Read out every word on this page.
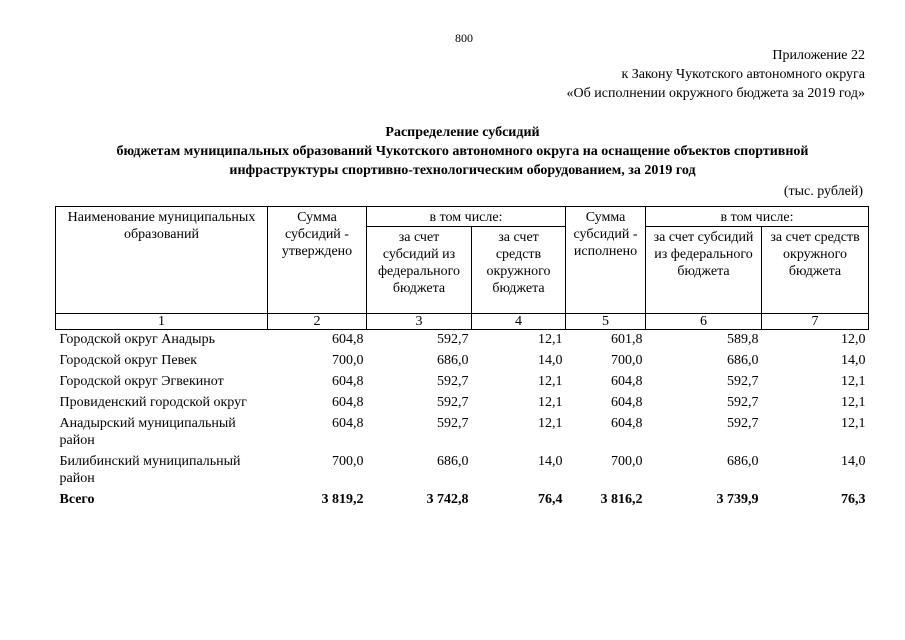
800
Приложение 22
к Закону Чукотского автономного округа
«Об исполнении окружного бюджета за 2019 год»
Распределение субсидий
бюджетам муниципальных образований Чукотского автономного округа на оснащение объектов спортивной
инфраструктуры спортивно-технологическим оборудованием, за 2019 год
(тыс. рублей)
Наименование муниципальных образований	Сумма субсидий - утверждено	в том числе:		Сумма субсидий - исполнено	в том числе:	
		за счет субсидий из федерального бюджета	за счет средств окружного бюджета		за счет субсидий из федерального бюджета	за счет средств окружного бюджета
1	2	3	4	5	6	7
Городской округ Анадырь	604,8	592,7	12,1	601,8	589,8	12,0
Городской округ Певек	700,0	686,0	14,0	700,0	686,0	14,0
Городской округ Эгвекинот	604,8	592,7	12,1	604,8	592,7	12,1
Провиденский городской округ	604,8	592,7	12,1	604,8	592,7	12,1
Анадырский муниципальный район	604,8	592,7	12,1	604,8	592,7	12,1
Билибинский муниципальный район	700,0	686,0	14,0	700,0	686,0	14,0
Всего	3 819,2	3 742,8	76,4	3 816,2	3 739,9	76,3
